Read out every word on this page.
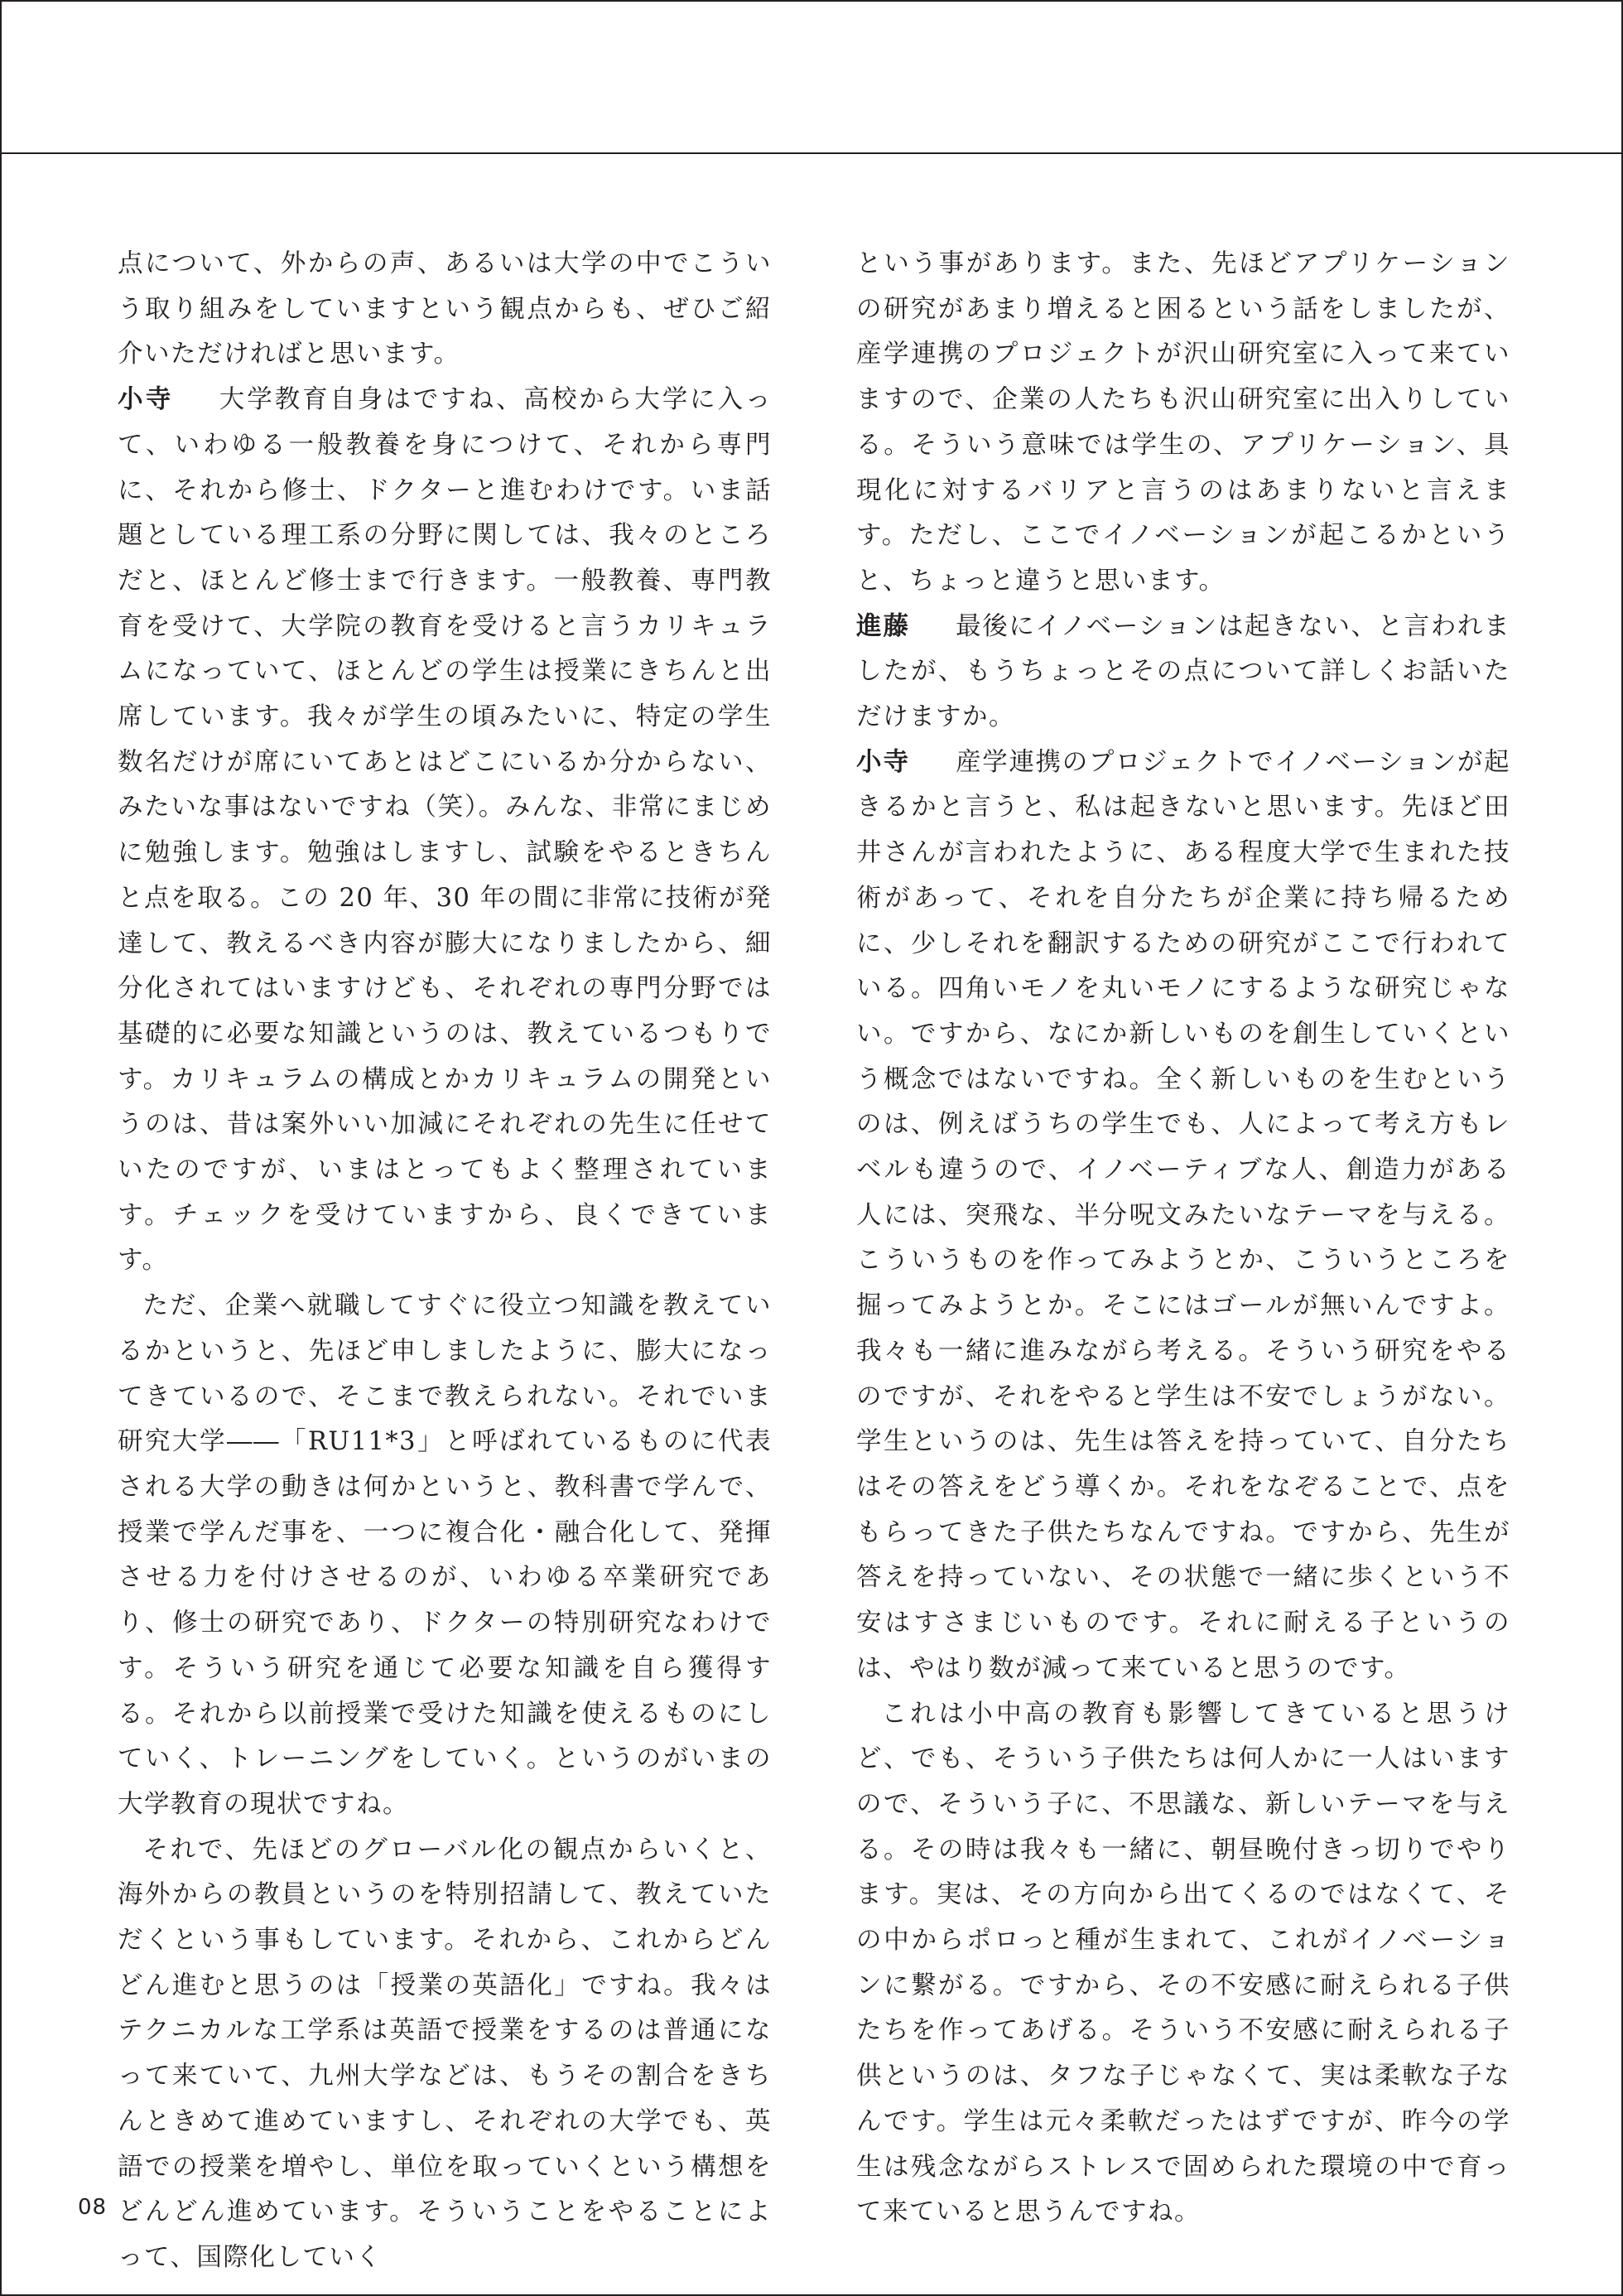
点について、外からの声、あるいは大学の中でこういう取り組みをしていますという観点からも、ぜひご紹介いただければと思います。

小寺 大学教育自身はですね、高校から大学に入って、いわゆる一般教養を身につけて、それから専門に、それから修士、ドクターと進むわけです。いま話題としている理工系の分野に関しては、我々のところだと、ほとんど修士まで行きます。一般教養、専門教育を受けて、大学院の教育を受けると言うカリキュラムになっていて、ほとんどの学生は授業にきちんと出席しています。我々が学生の頃みたいに、特定の学生数名だけが席にいてあとはどこにいるか分からない、みたいな事はないですね（笑）。みんな、非常にまじめに勉強します。勉強はしますし、試験をやるときちんと点を取る。この 20 年、30 年の間に非常に技術が発達して、教えるべき内容が膨大になりましたから、細分化されてはいますけども、それぞれの専門分野では基礎的に必要な知識というのは、教えているつもりです。カリキュラムの構成とかカリキュラムの開発というのは、昔は案外いい加減にそれぞれの先生に任せていたのですが、いまはとってもよく整理されています。チェックを受けていますから、良くできています。

ただ、企業へ就職してすぐに役立つ知識を教えているかというと、先ほど申しましたように、膨大になってきているので、そこまで教えられない。それでいま研究大学――「RU11*3」と呼ばれているものに代表される大学の動きは何かというと、教科書で学んで、授業で学んだ事を、一つに複合化・融合化して、発揮させる力を付けさせるのが、いわゆる卒業研究であり、修士の研究であり、ドクターの特別研究なわけです。そういう研究を通じて必要な知識を自ら獲得する。それから以前授業で受けた知識を使えるものにしていく、トレーニングをしていく。というのがいまの大学教育の現状ですね。

それで、先ほどのグローバル化の観点からいくと、海外からの教員というのを特別招請して、教えていただくという事もしています。それから、これからどんどん進むと思うのは「授業の英語化」ですね。我々はテクニカルな工学系は英語で授業をするのは普通になって来ていて、九州大学などは、もうその割合をきちんときめて進めていますし、それぞれの大学でも、英語での授業を増やし、単位を取っていくという構想をどんどん進めています。そういうことをやることによって、国際化していく

という事があります。また、先ほどアプリケーションの研究があまり増えると困るという話をしましたが、産学連携のプロジェクトが沢山研究室に入って来ていますので、企業の人たちも沢山研究室に出入りしている。そういう意味では学生の、アプリケーション、具現化に対するバリアと言うのはあまりないと言えます。ただし、ここでイノベーションが起こるかというと、ちょっと違うと思います。

進藤 最後にイノベーションは起きない、と言われましたが、もうちょっとその点について詳しくお話いただけますか。

小寺 産学連携のプロジェクトでイノベーションが起きるかと言うと、私は起きないと思います。先ほど田井さんが言われたように、ある程度大学で生まれた技術があって、それを自分たちが企業に持ち帰るために、少しそれを翻訳するための研究がここで行われている。四角いモノを丸いモノにするような研究じゃない。ですから、なにか新しいものを創生していくという概念ではないですね。全く新しいものを生むというのは、例えばうちの学生でも、人によって考え方もレベルも違うので、イノベーティブな人、創造力がある人には、突飛な、半分呪文みたいなテーマを与える。こういうものを作ってみようとか、こういうところを掘ってみようとか。そこにはゴールが無いんですよ。我々も一緒に進みながら考える。そういう研究をやるのですが、それをやると学生は不安でしょうがない。学生というのは、先生は答えを持っていて、自分たちはその答えをどう導くか。それをなぞることで、点をもらってきた子供たちなんですね。ですから、先生が答えを持っていない、その状態で一緒に歩くという不安はすさまじいものです。それに耐える子というのは、やはり数が減って来ていると思うのです。

これは小中高の教育も影響してきていると思うけど、でも、そういう子供たちは何人かに一人はいますので、そういう子に、不思議な、新しいテーマを与える。その時は我々も一緒に、朝昼晩付きっ切りでやります。実は、その方向から出てくるのではなくて、その中からポロっと種が生まれて、これがイノベーションに繋がる。ですから、その不安感に耐えられる子供たちを作ってあげる。そういう不安感に耐えられる子供というのは、タフな子じゃなくて、実は柔軟な子なんです。学生は元々柔軟だったはずですが、昨今の学生は残念ながらストレスで固められた環境の中で育って来ていると思うんですね。

08
